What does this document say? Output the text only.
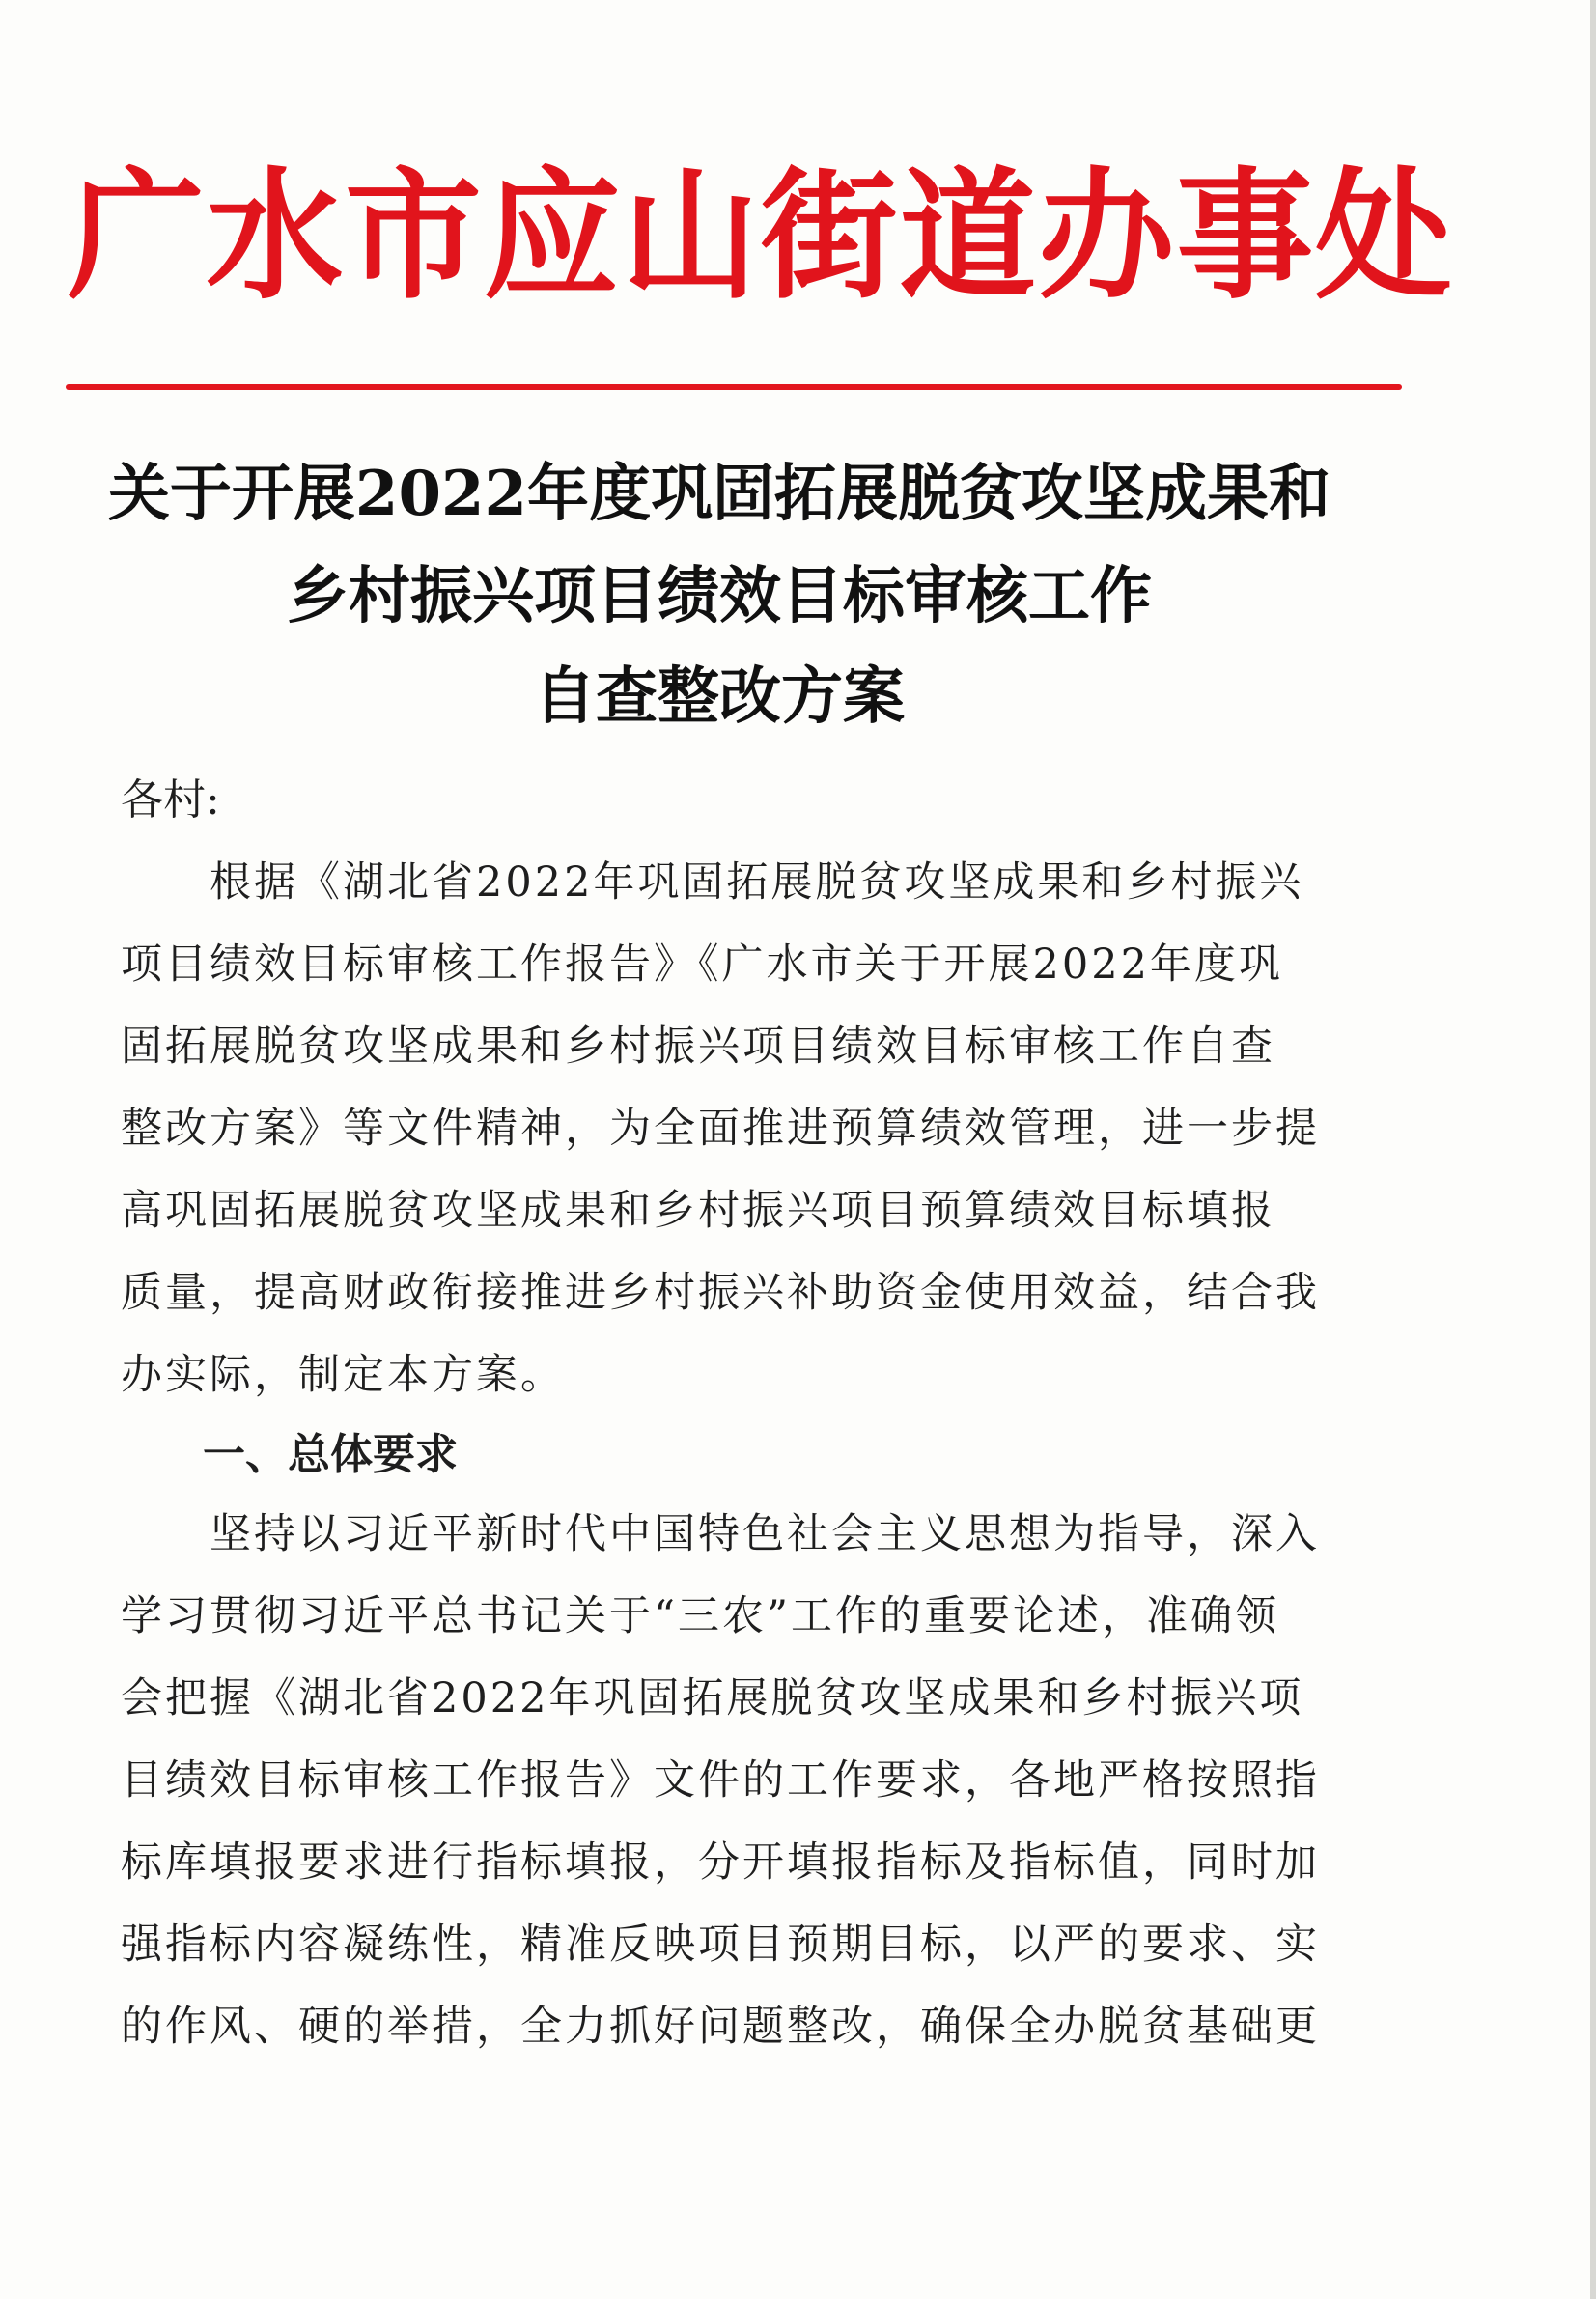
广水市应山街道办事处
关于开展2022年度巩固拓展脱贫攻坚成果和
乡村振兴项目绩效目标审核工作
自查整改方案
各村:
　　根据《湖北省2022年巩固拓展脱贫攻坚成果和乡村振兴
项目绩效目标审核工作报告》《广水市关于开展2022年度巩
固拓展脱贫攻坚成果和乡村振兴项目绩效目标审核工作自查
整改方案》等文件精神，为全面推进预算绩效管理，进一步提
高巩固拓展脱贫攻坚成果和乡村振兴项目预算绩效目标填报
质量，提高财政衔接推进乡村振兴补助资金使用效益，结合我
办实际，制定本方案。
一、总体要求
　　坚持以习近平新时代中国特色社会主义思想为指导，深入
学习贯彻习近平总书记关于“三农”工作的重要论述，准确领
会把握《湖北省2022年巩固拓展脱贫攻坚成果和乡村振兴项
目绩效目标审核工作报告》文件的工作要求，各地严格按照指
标库填报要求进行指标填报，分开填报指标及指标值，同时加
强指标内容凝练性，精准反映项目预期目标，以严的要求、实
的作风、硬的举措，全力抓好问题整改，确保全办脱贫基础更
